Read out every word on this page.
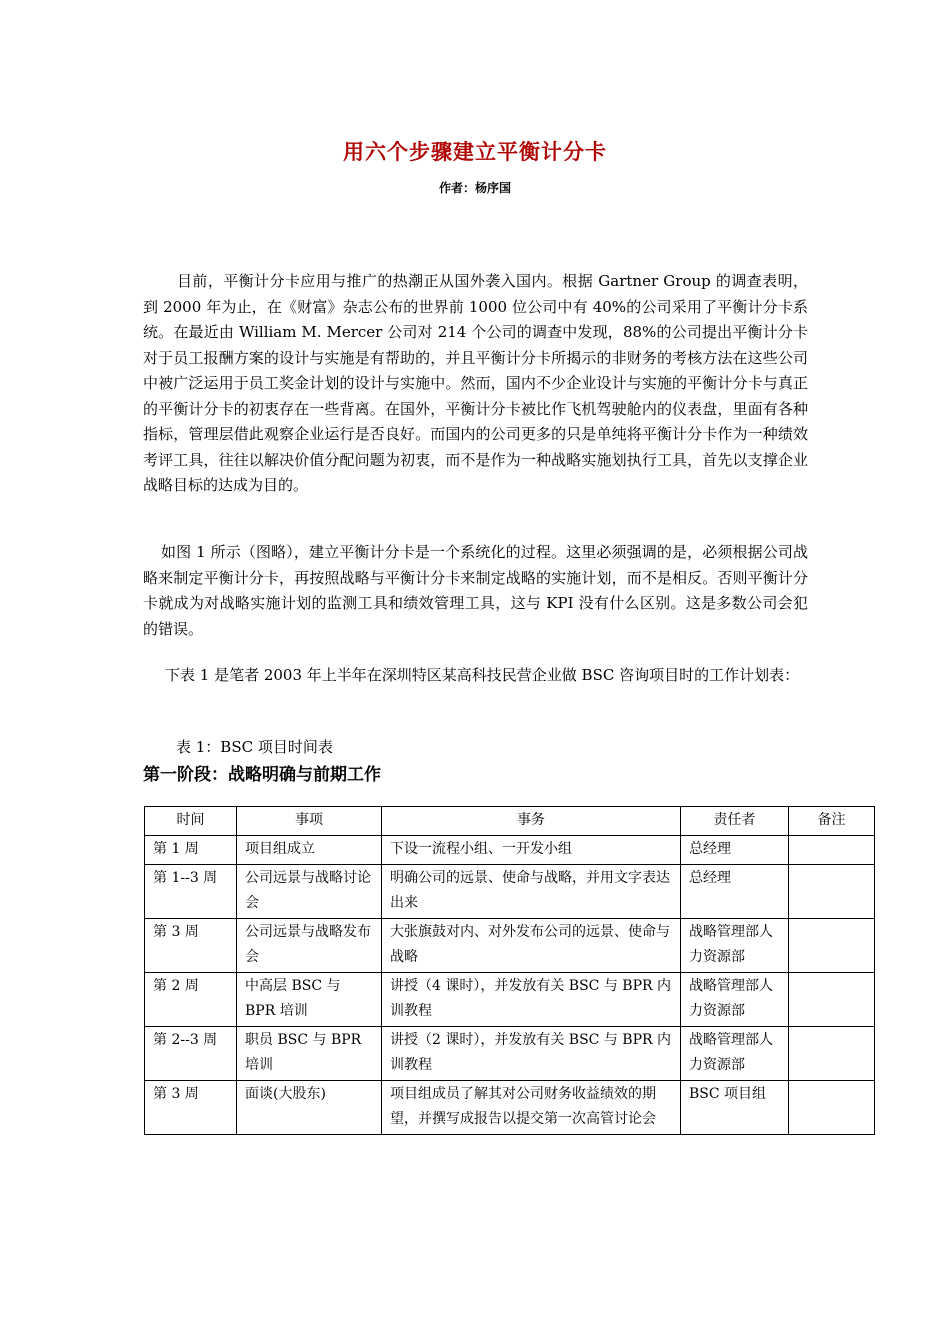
用六个步骤建立平衡计分卡
作者：杨序国

目前，平衡计分卡应用与推广的热潮正从国外袭入国内。根据 Gartner Group 的调查表明，到 2000 年为止，在《财富》杂志公布的世界前 1000 位公司中有 40%的公司采用了平衡计分卡系统。在最近由 William M. Mercer 公司对 214 个公司的调查中发现，88%的公司提出平衡计分卡对于员工报酬方案的设计与实施是有帮助的，并且平衡计分卡所揭示的非财务的考核方法在这些公司中被广泛运用于员工奖金计划的设计与实施中。然而，国内不少企业设计与实施的平衡计分卡与真正的平衡计分卡的初衷存在一些背离。在国外，平衡计分卡被比作飞机驾驶舱内的仪表盘，里面有各种指标，管理层借此观察企业运行是否良好。而国内的公司更多的只是单纯将平衡计分卡作为一种绩效考评工具，往往以解决价值分配问题为初衷，而不是作为一种战略实施划执行工具，首先以支撑企业战略目标的达成为目的。

如图 1 所示（图略），建立平衡计分卡是一个系统化的过程。这里必须强调的是，必须根据公司战略来制定平衡计分卡，再按照战略与平衡计分卡来制定战略的实施计划，而不是相反。否则平衡计分卡就成为对战略实施计划的监测工具和绩效管理工具，这与 KPI 没有什么区别。这是多数公司会犯的错误。

下表 1 是笔者 2003 年上半年在深圳特区某高科技民营企业做 BSC 咨询项目时的工作计划表：

表 1：BSC 项目时间表
第一阶段：战略明确与前期工作
时间	事项	事务	责任者	备注
第 1 周	项目组成立	下设一流程小组、一开发小组	总经理	
第 1--3 周	公司远景与战略讨论会	明确公司的远景、使命与战略，并用文字表达出来	总经理	
第 3 周	公司远景与战略发布会	大张旗鼓对内、对外发布公司的远景、使命与战略	战略管理部人力资源部	
第 2 周	中高层 BSC 与 BPR 培训	讲授（4 课时），并发放有关 BSC 与 BPR 内训教程	战略管理部人力资源部	
第 2--3 周	职员 BSC 与 BPR 培训	讲授（2 课时），并发放有关 BSC 与 BPR 内训教程	战略管理部人力资源部	
第 3 周	面谈(大股东)	项目组成员了解其对公司财务收益绩效的期望，并撰写成报告以提交第一次高管讨论会	BSC 项目组	
